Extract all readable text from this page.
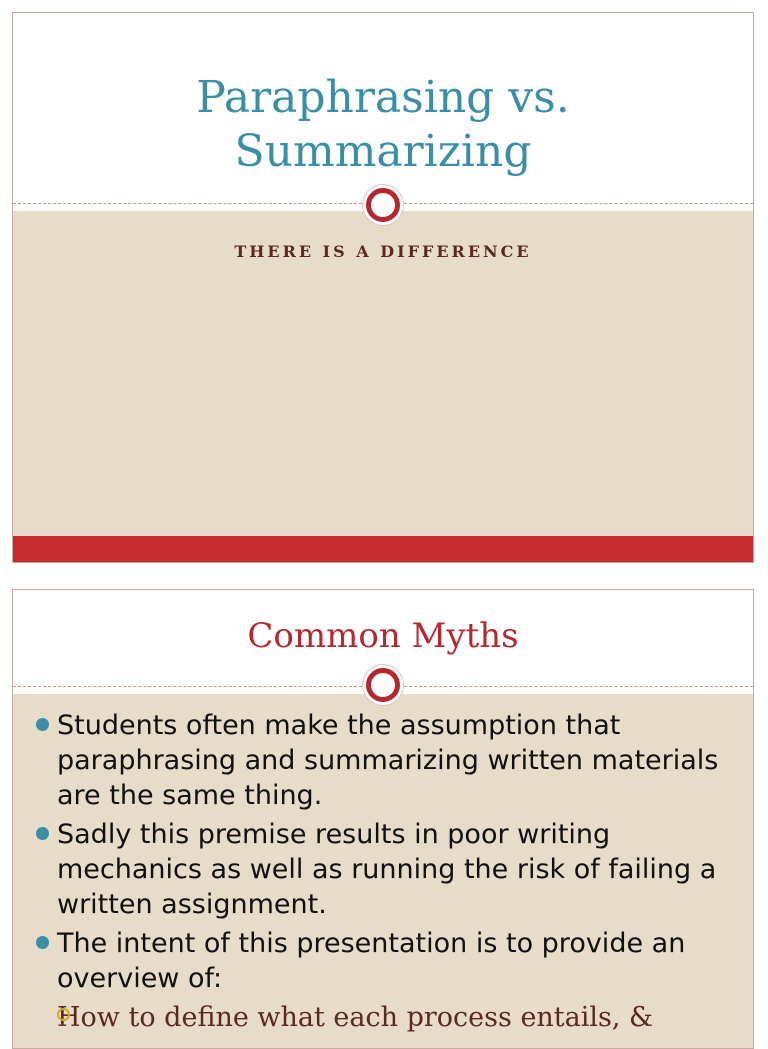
Paraphrasing vs.
Summarizing
THERE IS A DIFFERENCE
Common Myths
Students often make the assumption that paraphrasing and summarizing written materials are the same thing.
Sadly this premise results in poor writing mechanics as well as running the risk of failing a written assignment.
The intent of this presentation is to provide an overview of:
How to define what each process entails, &
